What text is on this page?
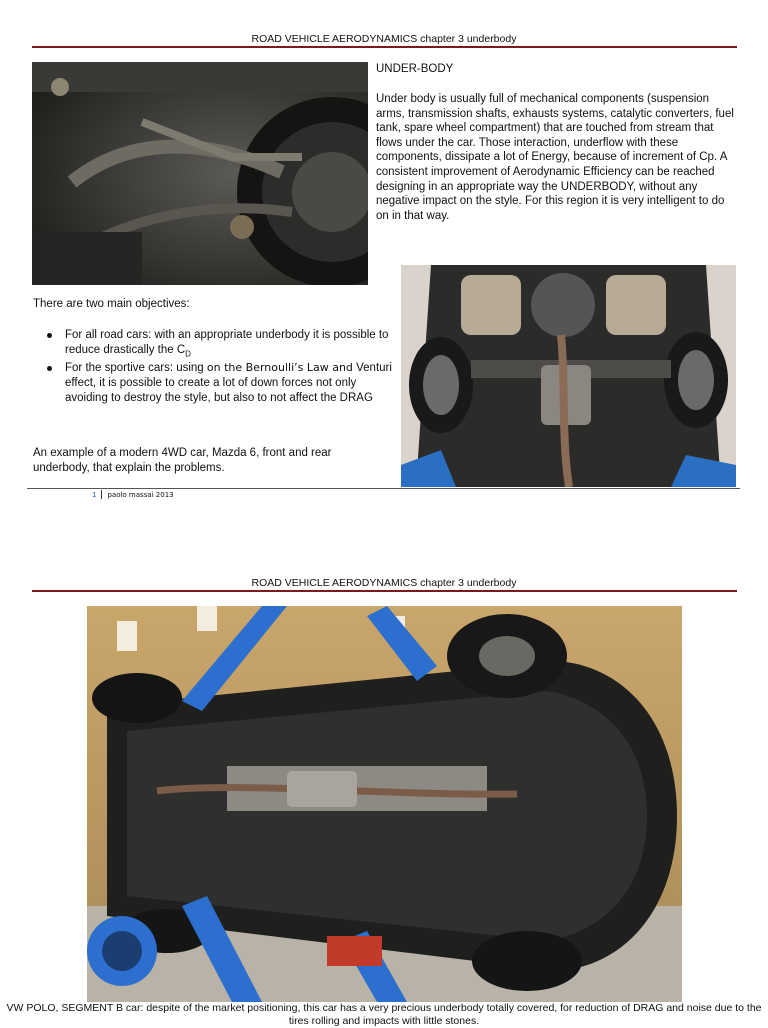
ROAD VEHICLE AERODYNAMICS chapter 3 underbody
UNDER-BODY

Under body is usually full of mechanical components (suspension arms, transmission shafts, exhausts systems, catalytic converters, fuel tank, spare wheel compartment) that are touched from stream that flows under the car. Those interaction, underflow with these components, dissipate a lot of Energy, because of increment of Cp. A consistent improvement of Aerodynamic Efficiency can be reached designing in an appropriate way the UNDERBODY, without any negative impact on the style. For this region it is very intelligent to do on in that way.

There are two main objectives:

For all road cars: with an appropriate underbody it is possible to reduce drastically the $C_D$
For the sportive cars: using on the Bernoulli’s Law and Venturi effect, it is possible to create a lot of down forces not only avoiding to destroy the style, but also to not affect the DRAG

An example of a modern 4WD car, Mazda 6, front and rear underbody, that explain the problems.

1 paolo massai 2013
ROAD VEHICLE AERODYNAMICS chapter 3 underbody
VW POLO, SEGMENT B car: despite of the market positioning, this car has a very precious underbody totally covered, for reduction of DRAG and noise due to the tires rolling and impacts with little stones.
